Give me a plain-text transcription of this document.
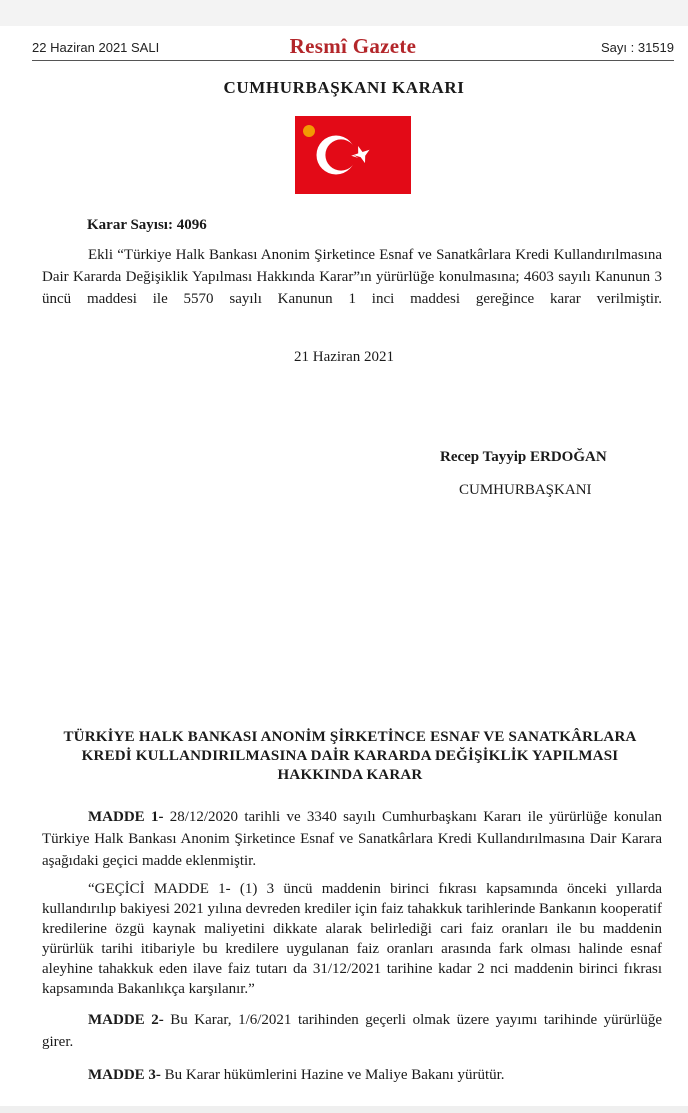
22 Haziran 2021 SALI	Resmî Gazete	Sayı : 31519
CUMHURBAŞKANI KARARI
Karar Sayısı: 4096
Ekli “Türkiye Halk Bankası Anonim Şirketince Esnaf ve Sanatkârlara Kredi Kullandırılmasına Dair Kararda Değişiklik Yapılması Hakkında Karar”ın yürürlüğe konulmasına; 4603 sayılı Kanunun 3 üncü maddesi ile 5570 sayılı Kanunun 1 inci maddesi gereğince karar verilmiştir.
21 Haziran 2021
Recep Tayyip ERDOĞAN
CUMHURBAŞKANI
TÜRKİYE HALK BANKASI ANONİM ŞİRKETİNCE ESNAF VE SANATKÂRLARA KREDİ KULLANDIRILMASINA DAİR KARARDA DEĞİŞİKLİK YAPILMASI HAKKINDA KARAR
MADDE 1- 28/12/2020 tarihli ve 3340 sayılı Cumhurbaşkanı Kararı ile yürürlüğe konulan Türkiye Halk Bankası Anonim Şirketince Esnaf ve Sanatkârlara Kredi Kullandırılmasına Dair Karara aşağıdaki geçici madde eklenmiştir.
“GEÇİCİ MADDE 1- (1) 3 üncü maddenin birinci fıkrası kapsamında önceki yıllarda kullandırılıp bakiyesi 2021 yılına devreden krediler için faiz tahakkuk tarihlerinde Bankanın kooperatif kredilerine özgü kaynak maliyetini dikkate alarak belirlediği cari faiz oranları ile bu maddenin yürürlük tarihi itibariyle bu kredilere uygulanan faiz oranları arasında fark olması halinde esnaf aleyhine tahakkuk eden ilave faiz tutarı da 31/12/2021 tarihine kadar 2 nci maddenin birinci fıkrası kapsamında Bakanlıkça karşılanır.”
MADDE 2- Bu Karar, 1/6/2021 tarihinden geçerli olmak üzere yayımı tarihinde yürürlüğe girer.
MADDE 3- Bu Karar hükümlerini Hazine ve Maliye Bakanı yürütür.
